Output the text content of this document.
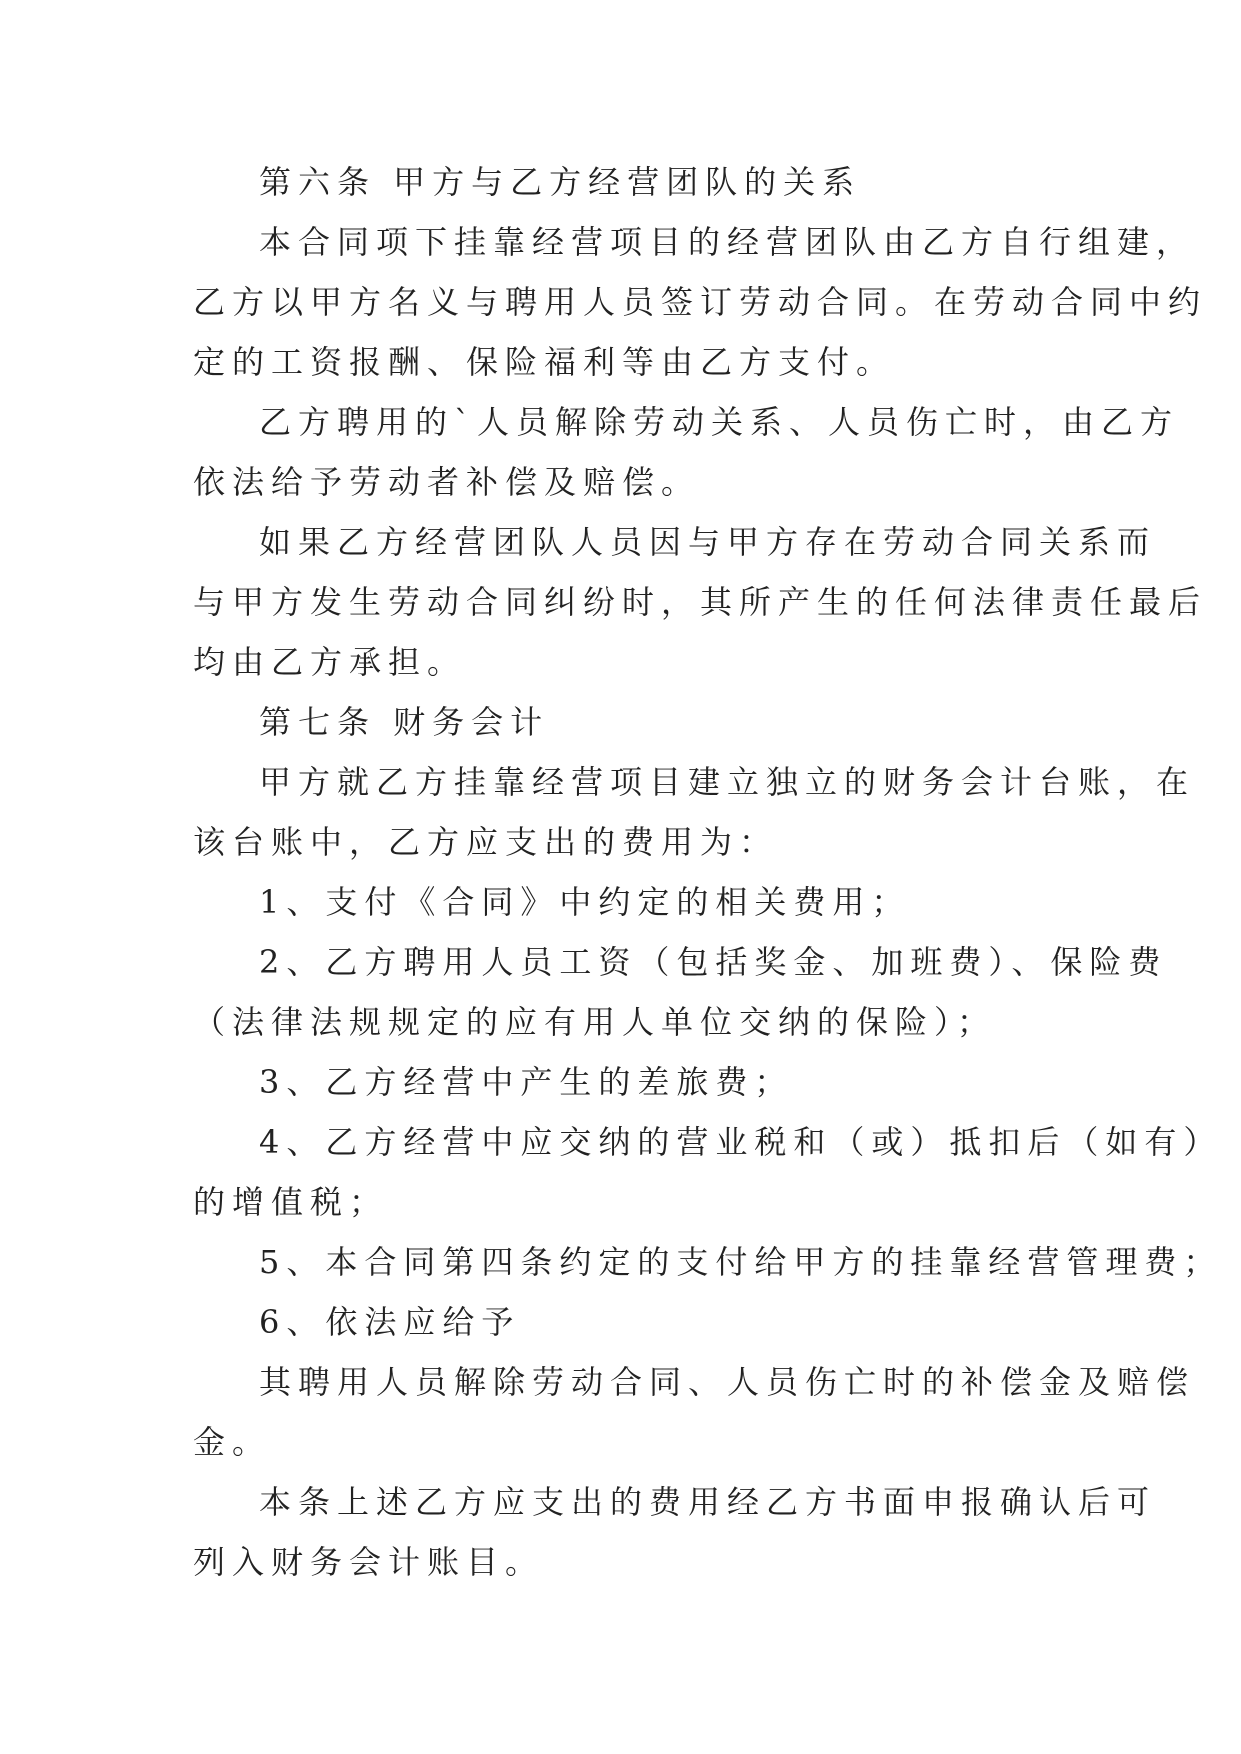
第六条 甲方与乙方经营团队的关系

本合同项下挂靠经营项目的经营团队由乙方自行组建，
乙方以甲方名义与聘用人员签订劳动合同。在劳动合同中约
定的工资报酬、保险福利等由乙方支付。

乙方聘用的`人员解除劳动关系、人员伤亡时，由乙方
依法给予劳动者补偿及赔偿。

如果乙方经营团队人员因与甲方存在劳动合同关系而
与甲方发生劳动合同纠纷时，其所产生的任何法律责任最后
均由乙方承担。

第七条 财务会计

甲方就乙方挂靠经营项目建立独立的财务会计台账，在
该台账中，乙方应支出的费用为：

1、支付《合同》中约定的相关费用；

2、乙方聘用人员工资（包括奖金、加班费）、保险费
（法律法规规定的应有用人单位交纳的保险）；

3、乙方经营中产生的差旅费；

4、乙方经营中应交纳的营业税和（或）抵扣后（如有）
的增值税；

5、本合同第四条约定的支付给甲方的挂靠经营管理费；

6、依法应给予

其聘用人员解除劳动合同、人员伤亡时的补偿金及赔偿
金。

本条上述乙方应支出的费用经乙方书面申报确认后可
列入财务会计账目。
